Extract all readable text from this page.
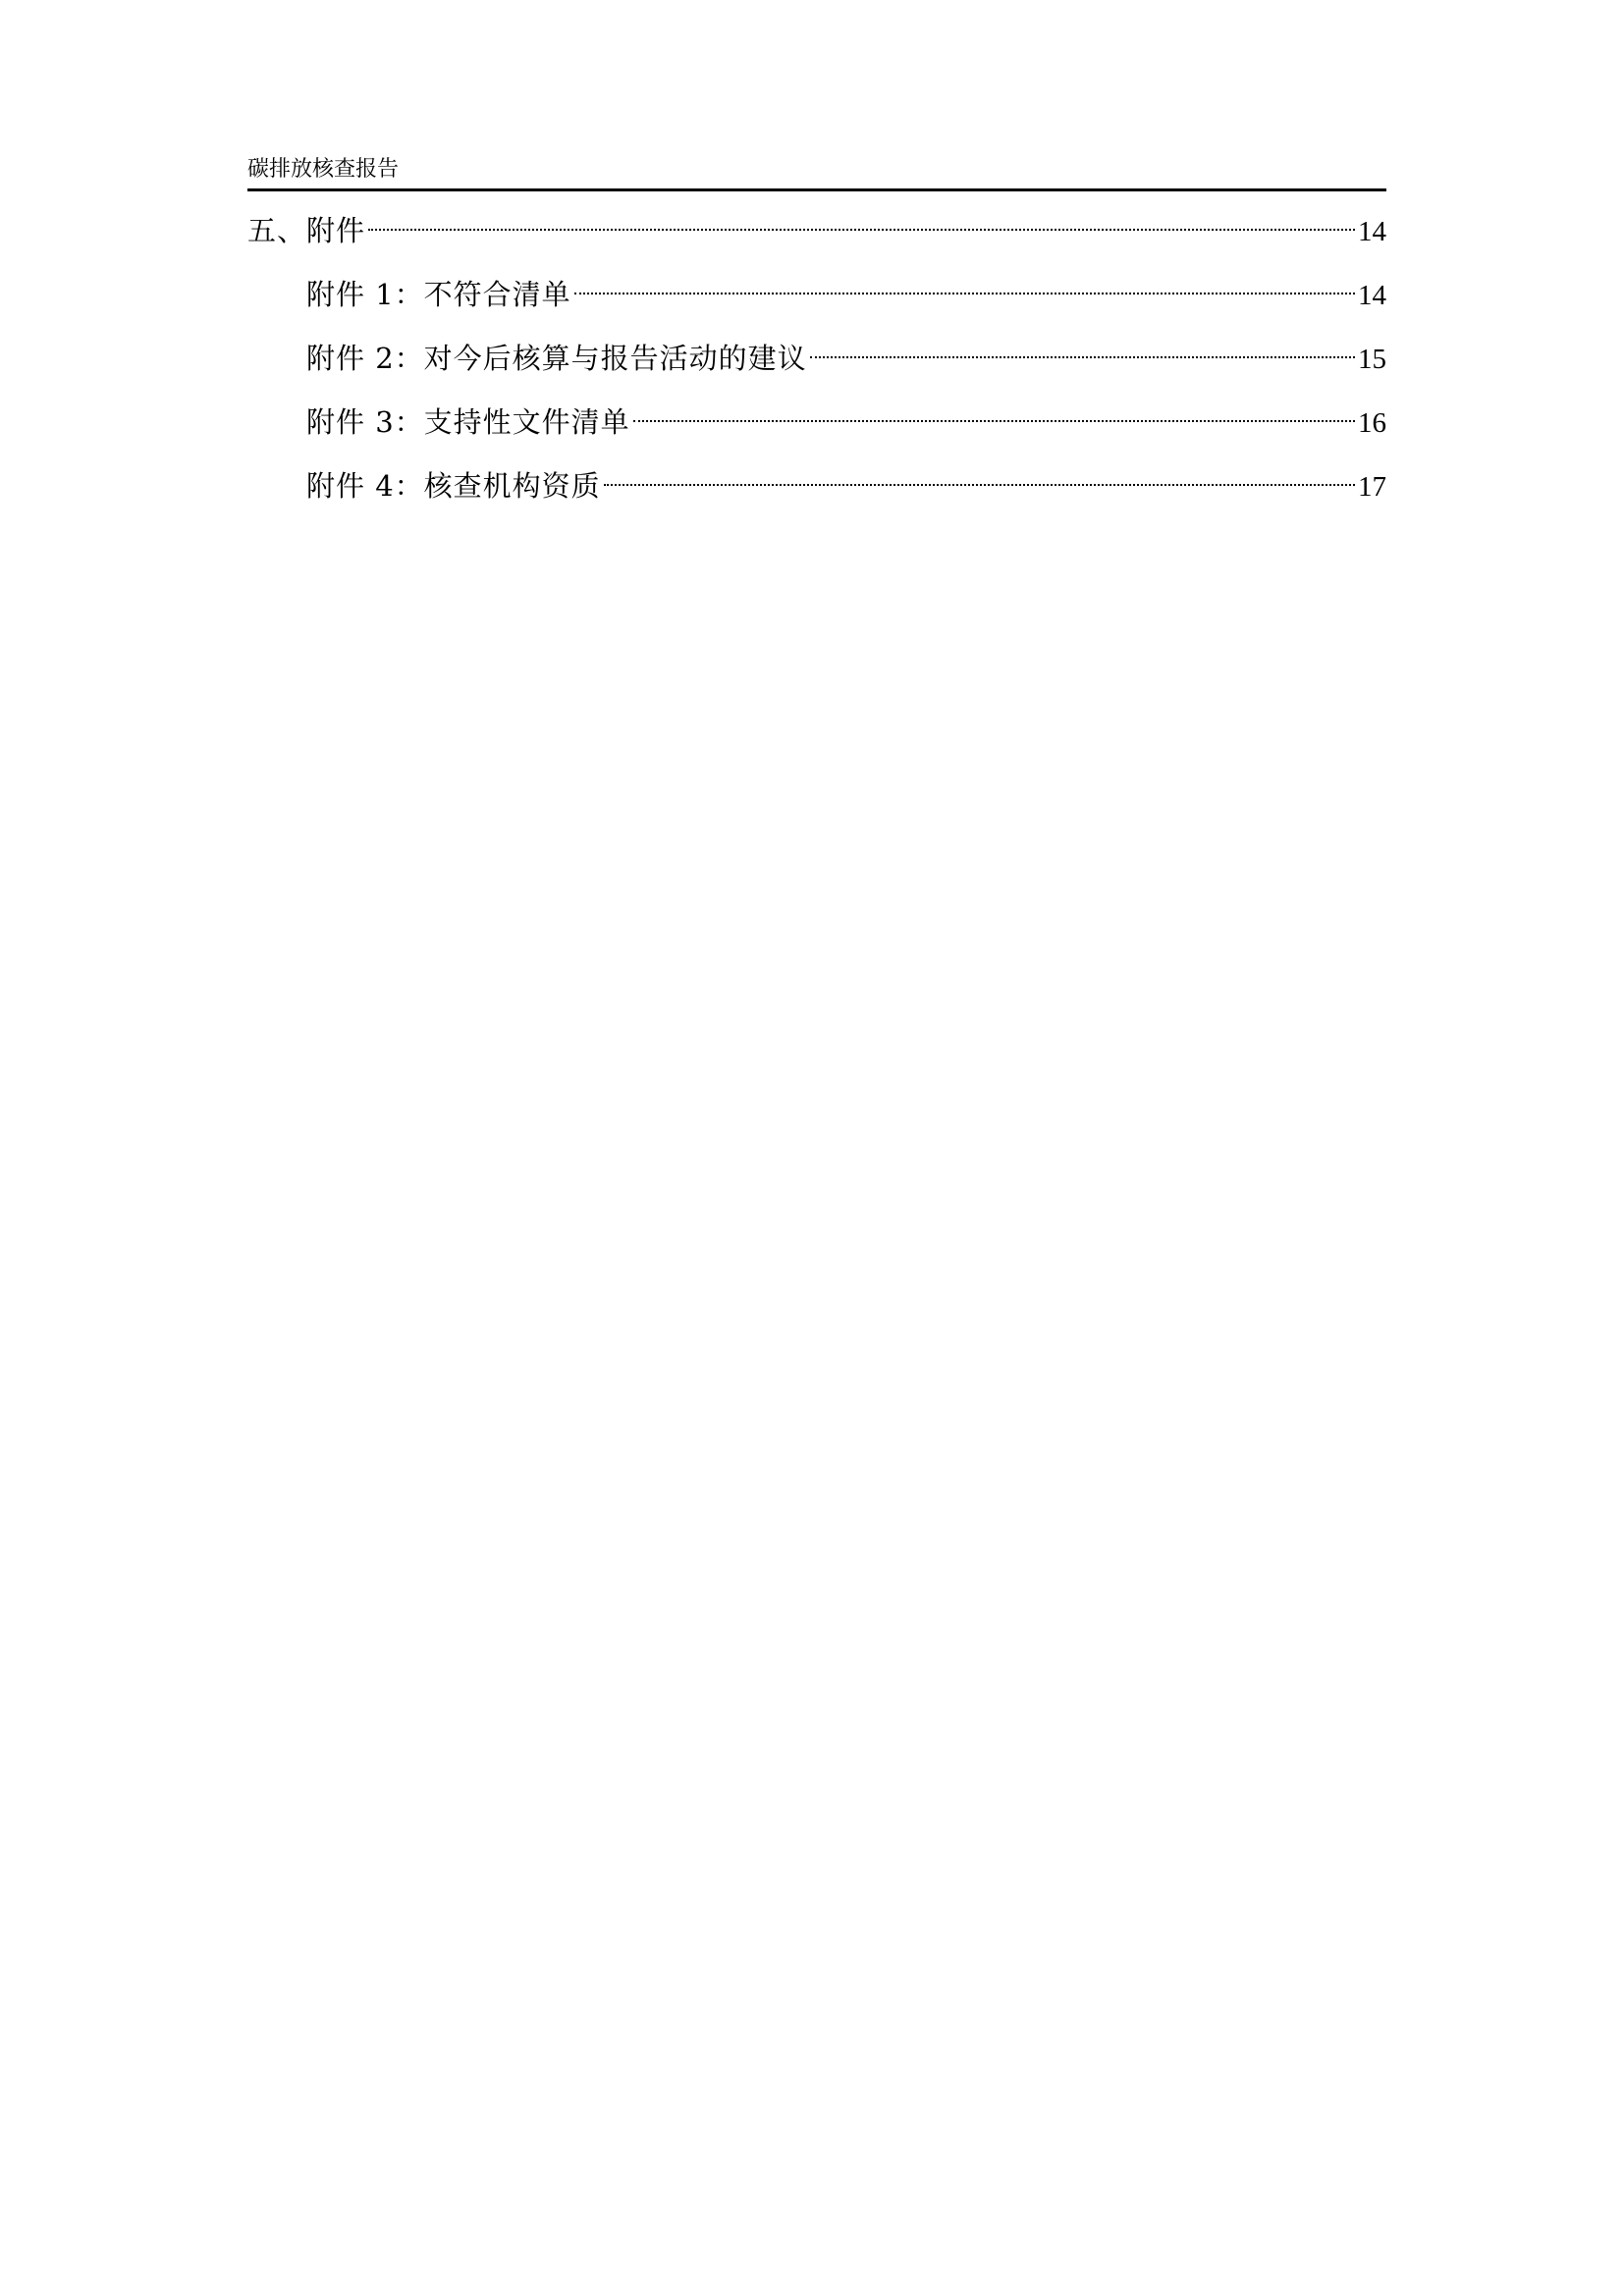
碳排放核查报告
五、附件	14
附件 1：不符合清单	14
附件 2：对今后核算与报告活动的建议	15
附件 3：支持性文件清单	16
附件 4：核查机构资质	17
